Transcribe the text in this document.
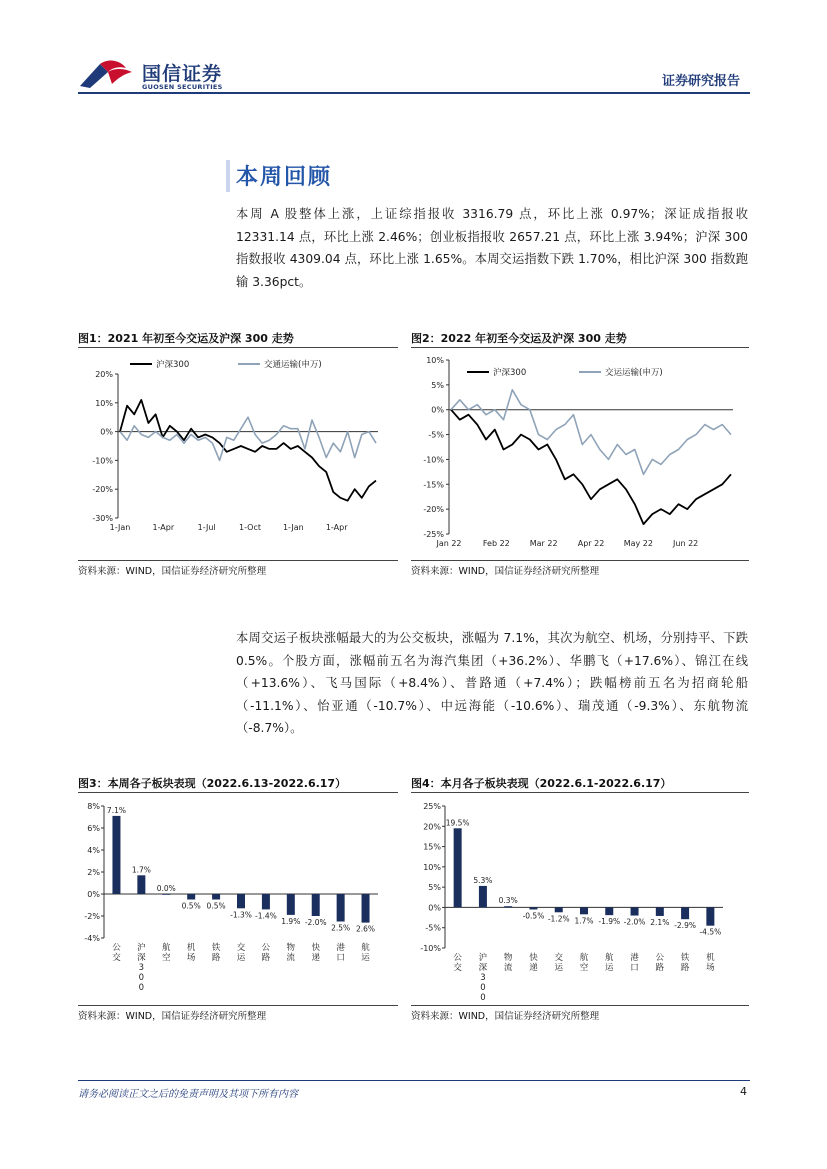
国信证券
GUOSEN SECURITIES	证券研究报告
本周回顾
本周 A 股整体上涨，上证综指报收 3316.79 点，环比上涨 0.97%；深证成指报收 12331.14 点，环比上涨 2.46%；创业板指报收 2657.21 点，环比上涨 3.94%；沪深 300 指数报收 4309.04 点，环比上涨 1.65%。本周交运指数下跌 1.70%，相比沪深 300 指数跑输 3.36pct。
图1：2021 年初至今交运及沪深 300 走势
20%
10%
0%
-10%
-20%
-30%
1-Jan	1-Apr	1-Jul	1-Oct	1-Jan	1-Apr
沪深300	交通运输(申万)
资料来源：WIND，国信证券经济研究所整理
图2：2022 年初至今交运及沪深 300 走势
10%
5%
0%
-5%
-10%
-15%
-20%
-25%
Jan 22	Feb 22 Mar 22	Apr 22 May 22	Jun 22
沪深300	交运运输(申万)
资料来源：WIND，国信证券经济研究所整理
本周交运子板块涨幅最大的为公交板块，涨幅为 7.1%，其次为航空、机场，分别持平、下跌 0.5%。个股方面，涨幅前五名为海汽集团（+36.2%）、华鹏飞（+17.6%）、锦江在线（+13.6%）、飞马国际（+8.4%）、普路通（+7.4%）；跌幅榜前五名为招商轮船（-11.1%）、怡亚通（-10.7%）、中远海能（-10.6%）、瑞茂通（-9.3%）、东航物流（-8.7%）。
图3：本周各子板块表现（2022.6.13-2022.6.17）
8%
6%
4%
2%
0%
-2%
-4%
7.1%
公
交
1.7%
沪
深
3
0
0
0.0%
航
空
0.5%
机
场
0.5%
铁
路
-1.3%
交
运
-1.4%
公
路
1.9%
物
流
-2.0%
快
递
2.5%
港
口
2.6%
航
运
资料来源：WIND，国信证券经济研究所整理
图4：本月各子板块表现（2022.6.1-2022.6.17）
25%
20%
15%
10%
5%
0%
-5%
-10%
19.5%
公
交
5.3%
沪
深
3
0
0
0.3%
物
流
-0.5%
快
递
-1.2%
交
运
1.7%
航
空
-1.9%
航
运
-2.0%
港
口
2.1%
公
路
-2.9%
铁
路
-4.5%
机
场
资料来源：WIND，国信证券经济研究所整理
请务必阅读正文之后的免责声明及其项下所有内容	4
